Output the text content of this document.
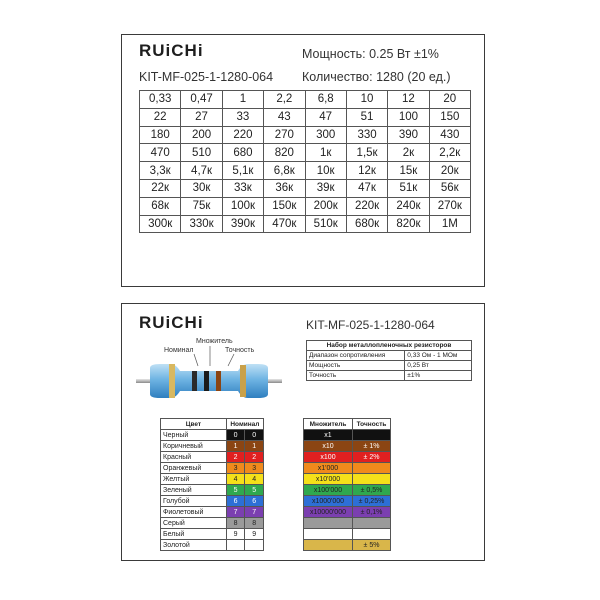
RUiCHi
KIT-MF-025-1-1280-064
Мощность: 0.25 Вт ±1%
Количество: 1280 (20 ед.)
0,33	0,47	1	2,2	6,8	10	12	20
22	27	33	43	47	51	100	150
180	200	220	270	300	330	390	430
470	510	680	820	1к	1,5к	2к	2,2к
3,3к	4,7к	5,1к	6,8к	10к	12к	15к	20к
22к	30к	33к	36к	39к	47к	51к	56к
68к	75к	100к	150к	200к	220к	240к	270к
300к	330к	390к	470к	510к	680к	820к	1М
RUiCHi	KIT-MF-025-1-1280-064
Множитель
Номинал	Точность
Набор металлопленочных резисторов	
Диапазон сопротивления	0,33 Ом - 1 МОм
Мощность	0,25 Вт
Точность	±1%
Цвет	Номинал	
Черный	0	0
Коричневый	1	1
Красный	2	2
Оранжевый	3	3
Желтый	4	4
Зеленый	5	5
Голубой	6	6
Фиолетовый	7	7
Серый	8	8
Белый	9	9
Золотой		
Множитель	Точность
x1	
x10	± 1%
x100	± 2%
x1'000	
x10'000	
x100'000	± 0,5%
x1000'000	± 0,25%
x10000'000	± 0,1%

	± 5%
